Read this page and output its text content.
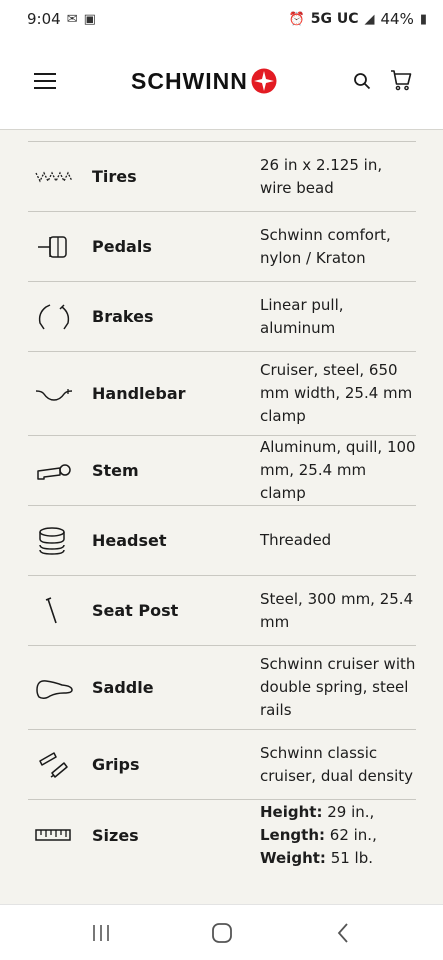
9:04 ✉ ▣	⏰ 5G UC ◢ 44% ▮
SCHWINN
Tires
26 in x 2.125 in, wire bead
Pedals
Schwinn comfort, nylon / Kraton
Brakes
Linear pull, aluminum
Handlebar
Cruiser, steel, 650 mm width, 25.4 mm clamp
Stem
Aluminum, quill, 100 mm, 25.4 mm clamp
Headset	Threaded
Seat Post
Steel, 300 mm, 25.4 mm
Saddle
Schwinn cruiser with double spring, steel rails
Grips
Schwinn classic cruiser, dual density
Sizes
Height: 29 in.,
Length: 62 in.,
Weight: 51 lb.
